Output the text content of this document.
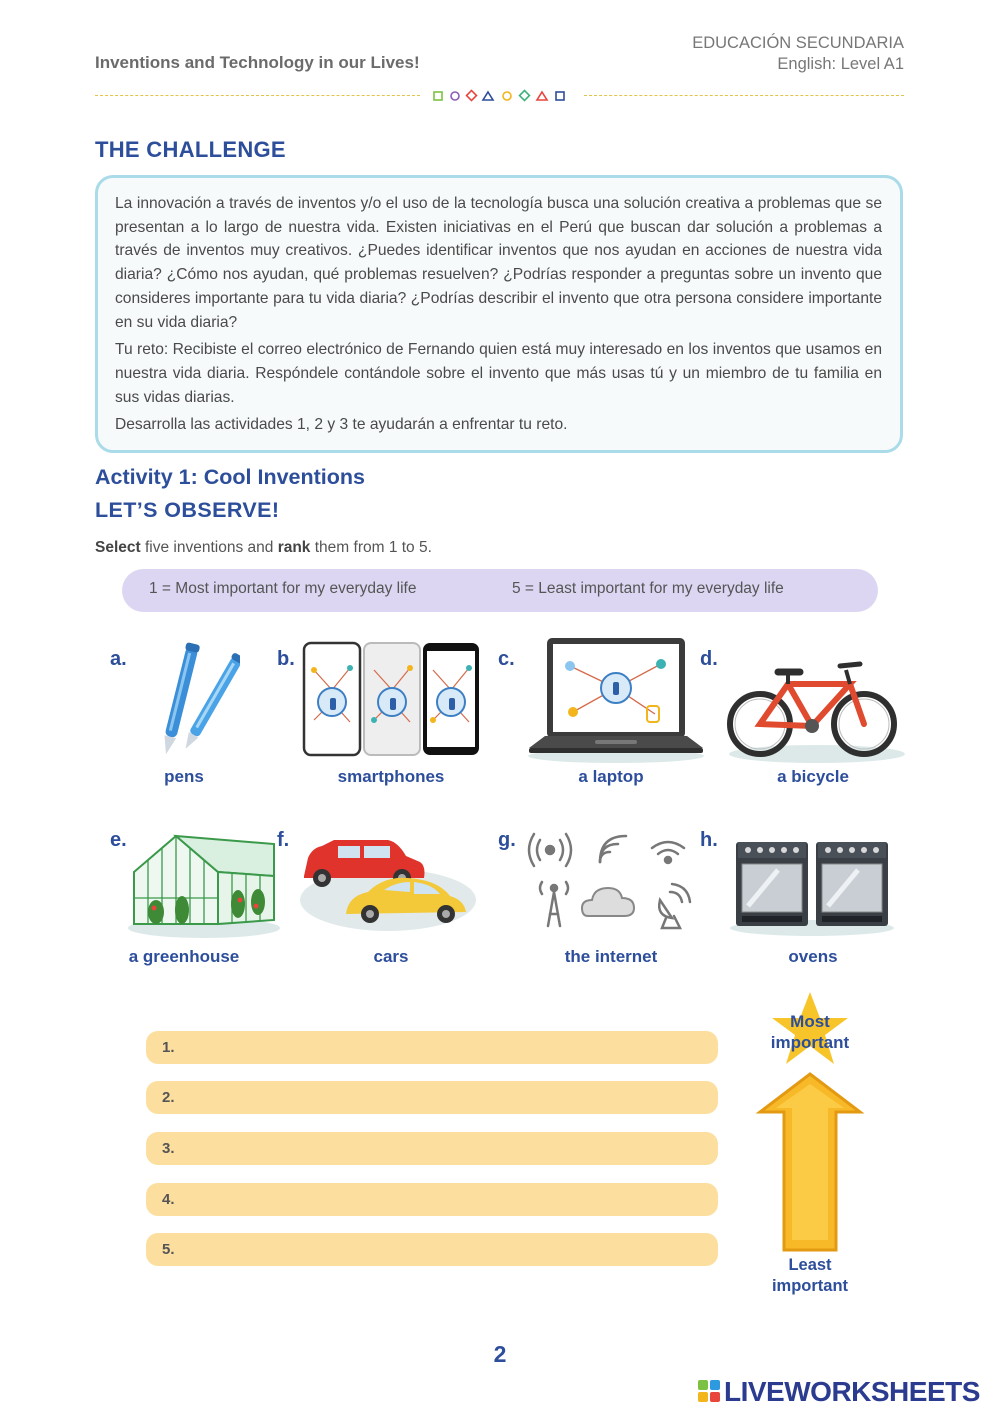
Inventions and Technology in our Lives!
EDUCACIÓN SECUNDARIA
English: Level A1
THE CHALLENGE

La innovación a través de inventos y/o el uso de la tecnología busca una solución creativa a problemas que se presentan a lo largo de nuestra vida. Existen iniciativas en el Perú que buscan dar solución a problemas a través de inventos muy creativos. ¿Puedes identificar inventos que nos ayudan en acciones de nuestra vida diaria? ¿Cómo nos ayudan, qué problemas resuelven? ¿Podrías responder a preguntas sobre un invento que consideres importante para tu vida diaria? ¿Podrías describir el invento que otra persona considere importante en su vida diaria?

Tu reto: Recibiste el correo electrónico de Fernando quien está muy interesado en los inventos que usamos en nuestra vida diaria. Respóndele contándole sobre el invento que más usas tú y un miembro de tu familia en sus vidas diarias.

Desarrolla las actividades 1, 2 y 3 te ayudarán a enfrentar tu reto.

Activity 1: Cool Inventions
LET’S OBSERVE!
Select five inventions and rank them from 1 to 5.
1 = Most important for my everyday life	5 = Least important for my everyday life
a.
pens
b.
smartphones
c.
a laptop
d.
a bicycle
e.
a greenhouse
f.
cars
g.
the internet
h.
ovens
1.
2.
3.
4.
5.
Most
important
Least
important
2
LIVEWORKSHEETS
